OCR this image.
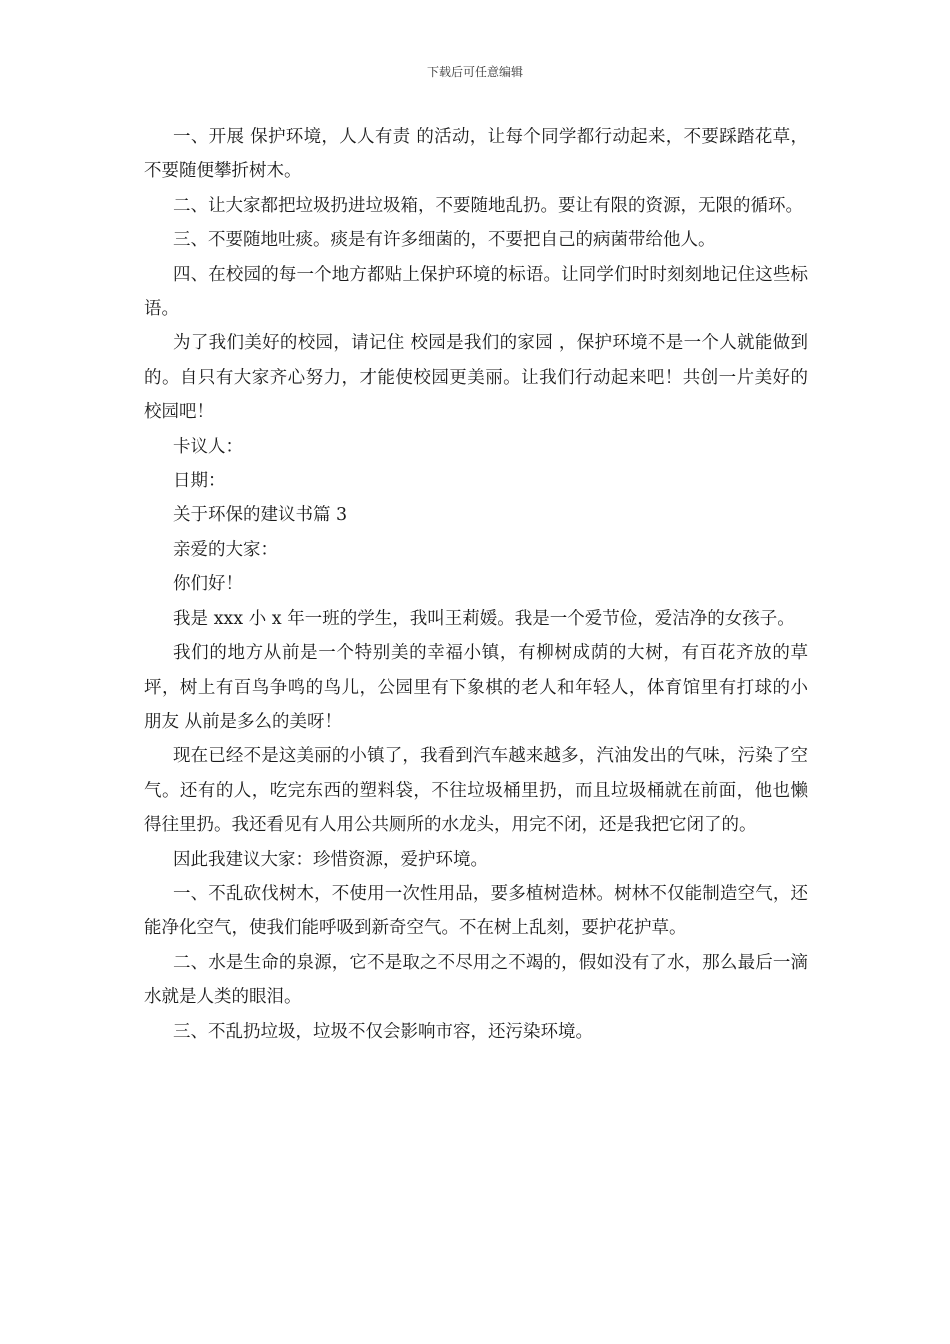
下载后可任意编辑

一、开展 保护环境，人人有责 的活动，让每个同学都行动起来，不要踩踏花草，不要随便攀折树木。

二、让大家都把垃圾扔进垃圾箱，不要随地乱扔。要让有限的资源，无限的循环。

三、不要随地吐痰。痰是有许多细菌的，不要把自己的病菌带给他人。

四、在校园的每一个地方都贴上保护环境的标语。让同学们时时刻刻地记住这些标语。

为了我们美好的校园，请记住 校园是我们的家园 ，保护环境不是一个人就能做到的。自只有大家齐心努力，才能使校园更美丽。让我们行动起来吧！共创一片美好的校园吧！

卡议人：

日期：

关于环保的建议书篇 3

亲爱的大家：

你们好！

我是 xxx 小 x 年一班的学生，我叫王莉媛。我是一个爱节俭，爱洁净的女孩子。

我们的地方从前是一个特别美的幸福小镇，有柳树成荫的大树，有百花齐放的草坪，树上有百鸟争鸣的鸟儿，公园里有下象棋的老人和年轻人，体育馆里有打球的小朋友 从前是多么的美呀！

现在已经不是这美丽的小镇了，我看到汽车越来越多，汽油发出的气味，污染了空气。还有的人，吃完东西的塑料袋，不往垃圾桶里扔，而且垃圾桶就在前面，他也懒得往里扔。我还看见有人用公共厕所的水龙头，用完不闭，还是我把它闭了的。

因此我建议大家：珍惜资源，爱护环境。

一、不乱砍伐树木，不使用一次性用品，要多植树造林。树林不仅能制造空气，还能净化空气，使我们能呼吸到新奇空气。不在树上乱刻，要护花护草。

二、水是生命的泉源，它不是取之不尽用之不竭的，假如没有了水，那么最后一滴水就是人类的眼泪。

三、不乱扔垃圾，垃圾不仅会影响市容，还污染环境。
